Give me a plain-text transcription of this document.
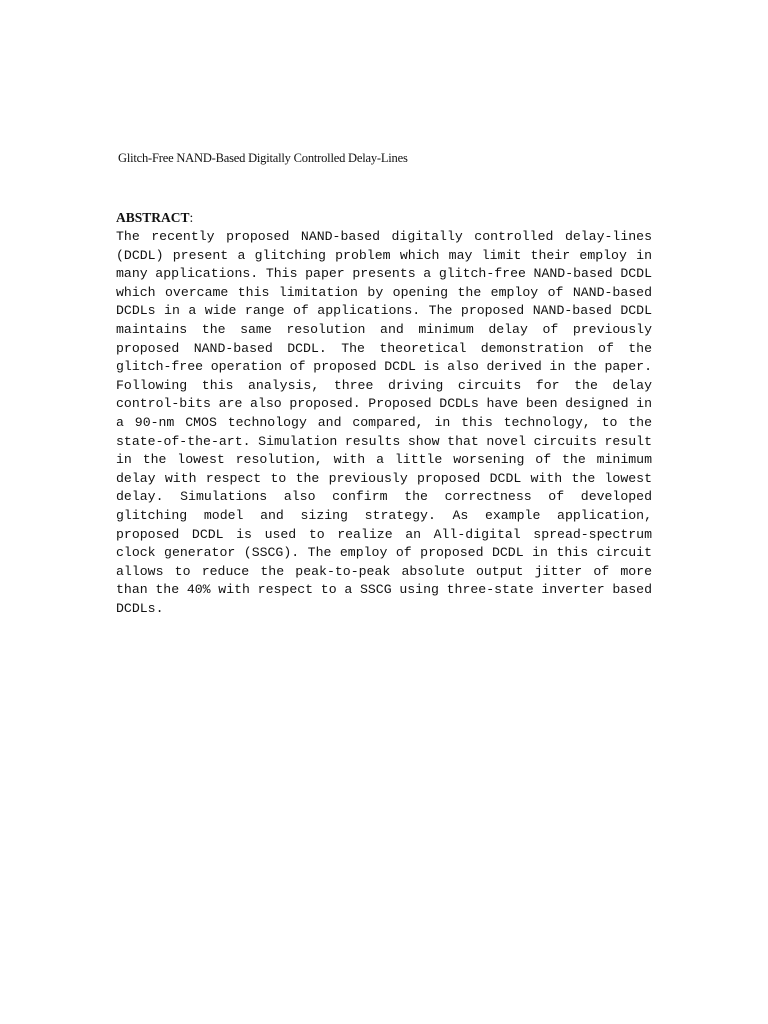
Glitch-Free NAND-Based Digitally Controlled Delay-Lines

ABSTRACT:

The recently proposed NAND-based digitally controlled delay-lines (DCDL) present a glitching problem which may limit their employ in many applications. This paper presents a glitch-free NAND-based DCDL which overcame this limitation by opening the employ of NAND-based DCDLs in a wide range of applications. The proposed NAND-based DCDL maintains the same resolution and minimum delay of previously proposed NAND-based DCDL. The theoretical demonstration of the glitch-free operation of proposed DCDL is also derived in the paper. Following this analysis, three driving circuits for the delay control-bits are also proposed. Proposed DCDLs have been designed in a 90-nm CMOS technology and compared, in this technology, to the state-of-the-art. Simulation results show that novel circuits result in the lowest resolution, with a little worsening of the minimum delay with respect to the previously proposed DCDL with the lowest delay. Simulations also confirm the correctness of developed glitching model and sizing strategy. As example application, proposed DCDL is used to realize an All-digital spread-spectrum clock generator (SSCG). The employ of proposed DCDL in this circuit allows to reduce the peak-to-peak absolute output jitter of more than the 40% with respect to a SSCG using three-state inverter based DCDLs.
